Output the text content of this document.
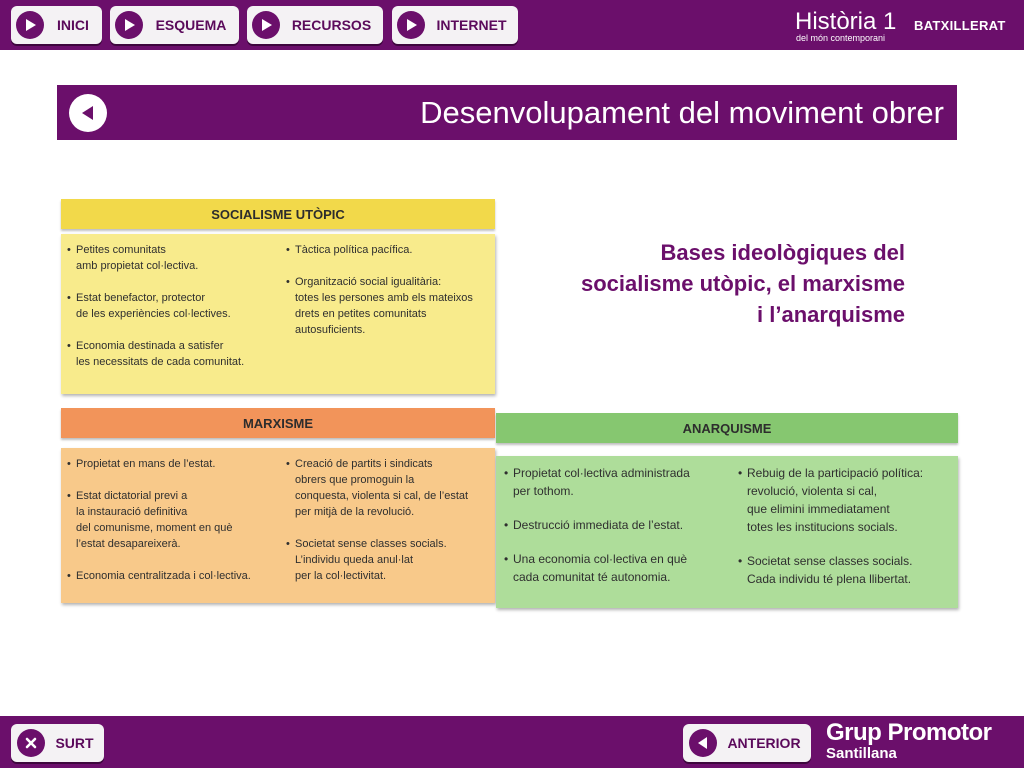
INICI	ESQUEMA	RECURSOS	INTERNET	Història 1 BATXILLERAT
del món contemporani
Desenvolupament del moviment obrer
SOCIALISME UTÒPIC
• Petites comunitats
amb propietat col·lectiva.
• Estat benefactor, protector
de les experiències col·lectives.
• Economia destinada a satisfer
les necessitats de cada comunitat.
• Tàctica política pacífica.
• Organització social igualitària:
totes les persones amb els mateixos
drets en petites comunitats
autosuficients.
MARXISME
• Propietat en mans de l’estat.
• Estat dictatorial previ a
la instauració definitiva
del comunisme, moment en què
l’estat desapareixerà.
• Economia centralitzada i col·lectiva.
• Creació de partits i sindicats
obrers que promoguin la
conquesta, violenta si cal, de l’estat
per mitjà de la revolució.
• Societat sense classes socials.
L’individu queda anul·lat
per la col·lectivitat.
ANARQUISME
• Propietat col·lectiva administrada
per tothom.
• Destrucció immediata de l’estat.
• Una economia col·lectiva en què
cada comunitat té autonomia.
• Rebuig de la participació política:
revolució, violenta si cal,
que elimini immediatament
totes les institucions socials.
• Societat sense classes socials.
Cada individu té plena llibertat.
Bases ideològiques del socialisme utòpic, el marxisme i l’anarquisme
SURT	ANTERIOR	Grup Promotor
Santillana
